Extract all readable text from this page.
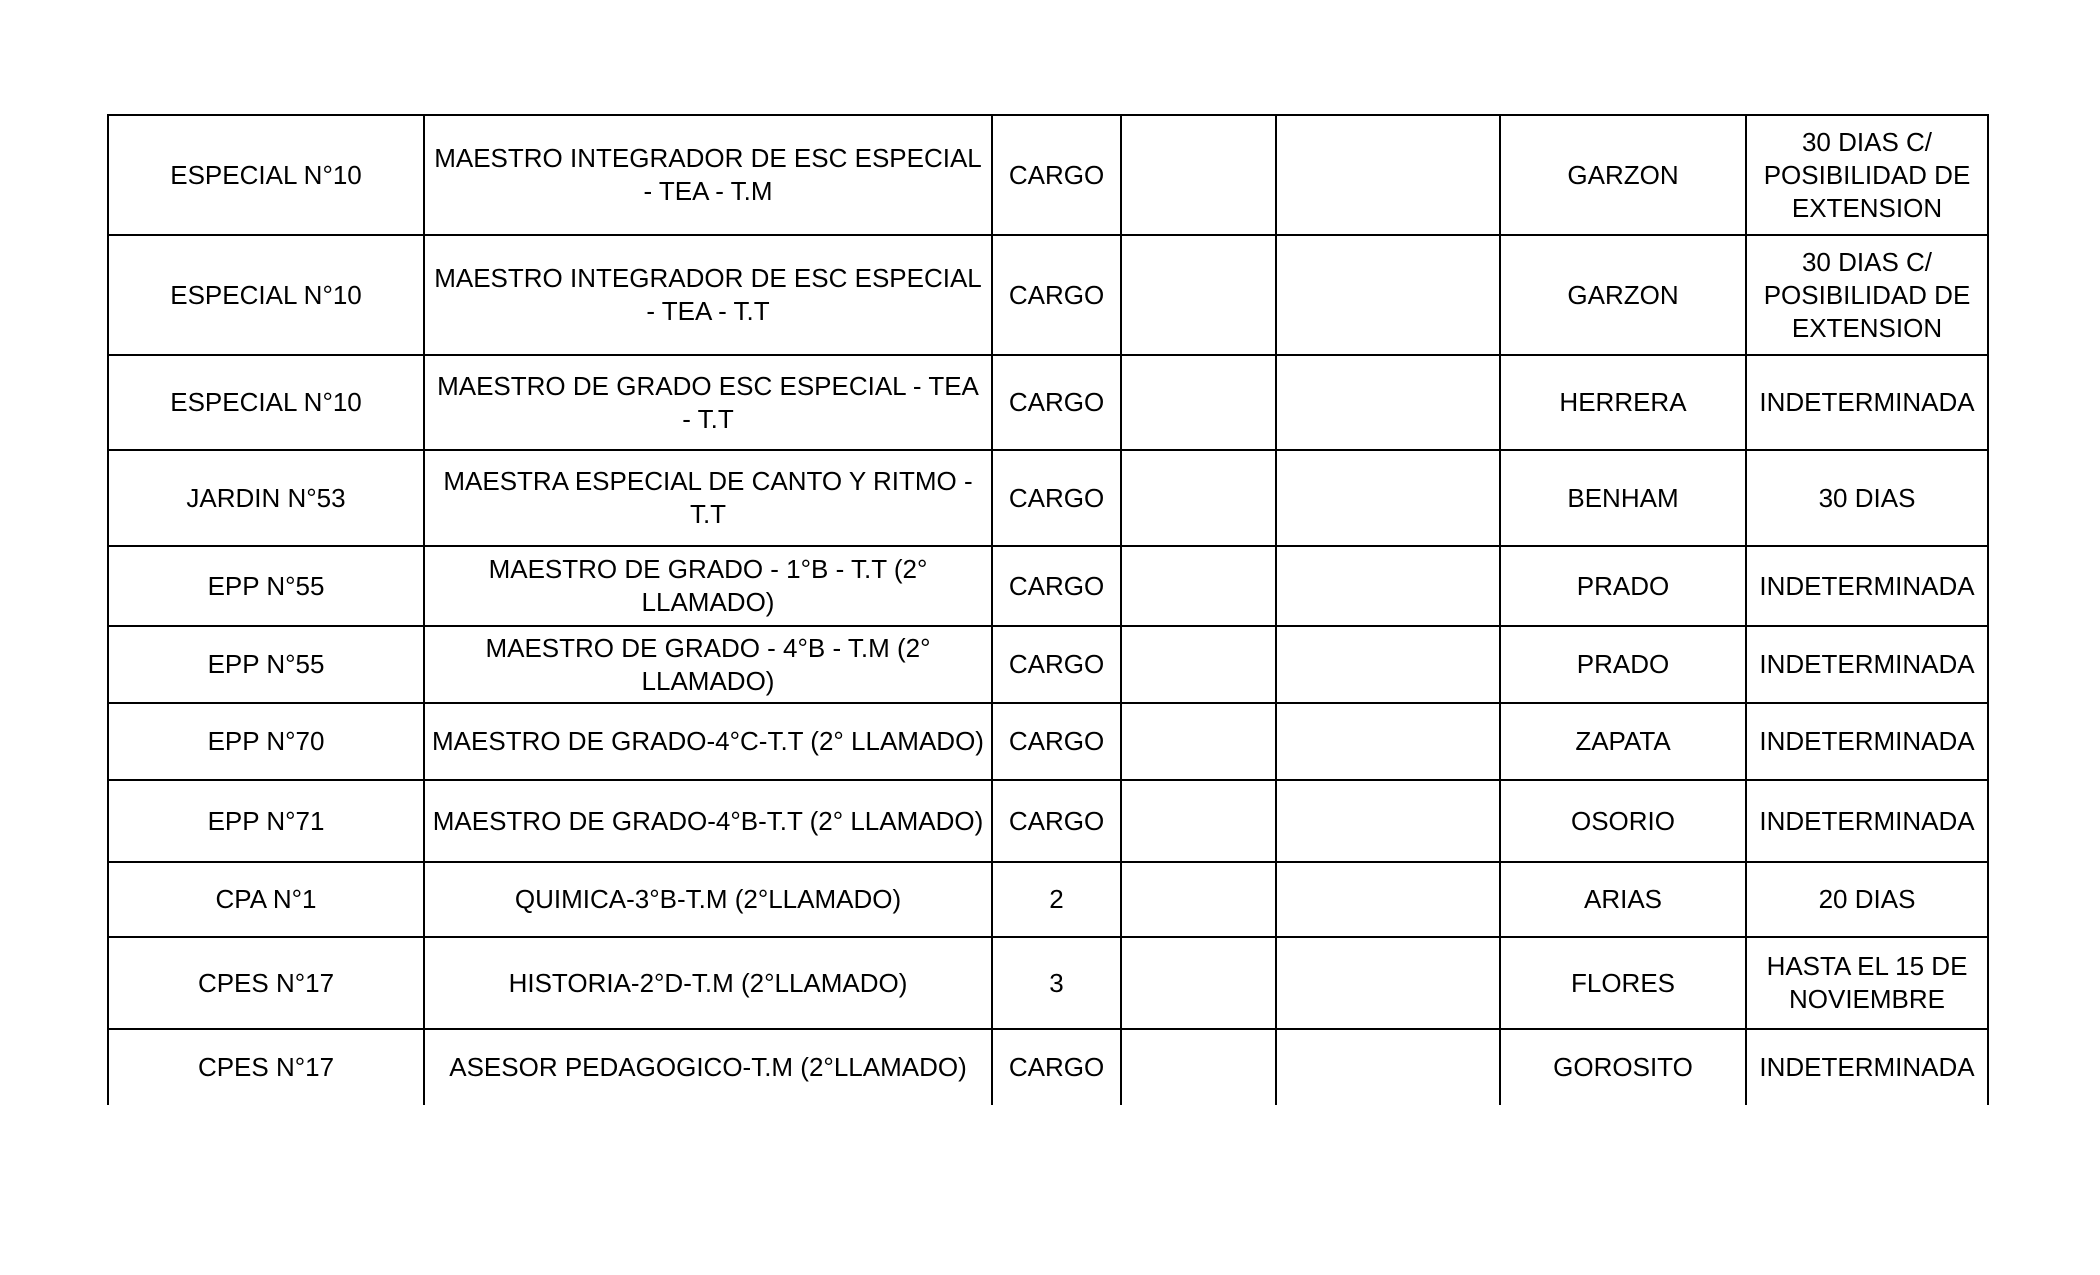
ESPECIAL N°10	MAESTRO INTEGRADOR DE ESC ESPECIAL - TEA - T.M	CARGO			GARZON	30 DIAS C/ POSIBILIDAD DE EXTENSION

ESPECIAL N°10	MAESTRO INTEGRADOR DE ESC ESPECIAL - TEA - T.T	CARGO			GARZON	30 DIAS C/ POSIBILIDAD DE EXTENSION

ESPECIAL N°10	MAESTRO DE GRADO ESC ESPECIAL - TEA - T.T	CARGO			HERRERA	INDETERMINADA

JARDIN N°53	MAESTRA ESPECIAL DE CANTO Y RITMO - T.T	CARGO			BENHAM	30 DIAS

EPP N°55	MAESTRO DE GRADO - 1°B - T.T (2° LLAMADO)	CARGO			PRADO	INDETERMINADA

EPP N°55	MAESTRO DE GRADO - 4°B - T.M (2° LLAMADO)	CARGO			PRADO	INDETERMINADA

EPP N°70	MAESTRO DE GRADO-4°C-T.T (2° LLAMADO)	CARGO			ZAPATA	INDETERMINADA

EPP N°71	MAESTRO DE GRADO-4°B-T.T (2° LLAMADO)	CARGO			OSORIO	INDETERMINADA

CPA N°1	QUIMICA-3°B-T.M (2°LLAMADO)	2			ARIAS	20 DIAS

CPES N°17	HISTORIA-2°D-T.M (2°LLAMADO)	3			FLORES	HASTA EL 15 DE NOVIEMBRE

CPES N°17	ASESOR PEDAGOGICO-T.M (2°LLAMADO)	CARGO			GOROSITO	INDETERMINADA
